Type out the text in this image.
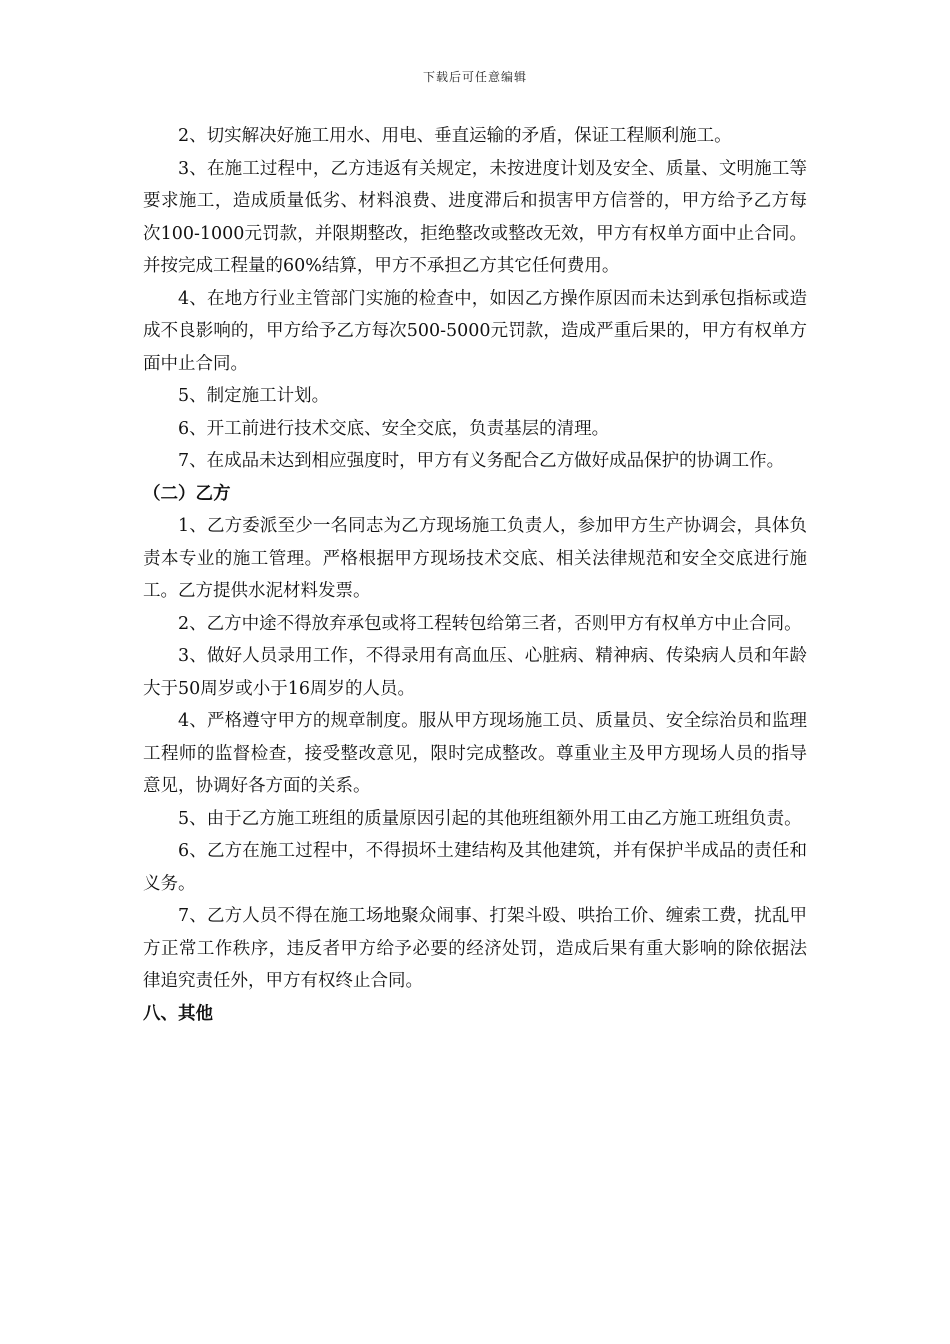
下载后可任意编辑

2、切实解决好施工用水、用电、垂直运输的矛盾，保证工程顺利施工。

3、在施工过程中，乙方违返有关规定，未按进度计划及安全、质量、文明施工等要求施工，造成质量低劣、材料浪费、进度滞后和损害甲方信誉的，甲方给予乙方每次100-1000元罚款，并限期整改，拒绝整改或整改无效，甲方有权单方面中止合同。并按完成工程量的60%结算，甲方不承担乙方其它任何费用。

4、在地方行业主管部门实施的检查中，如因乙方操作原因而未达到承包指标或造成不良影响的，甲方给予乙方每次500-5000元罚款，造成严重后果的，甲方有权单方面中止合同。

5、制定施工计划。

6、开工前进行技术交底、安全交底，负责基层的清理。

7、在成品未达到相应强度时，甲方有义务配合乙方做好成品保护的协调工作。

（二）乙方

1、乙方委派至少一名同志为乙方现场施工负责人，参加甲方生产协调会，具体负责本专业的施工管理。严格根据甲方现场技术交底、相关法律规范和安全交底进行施工。乙方提供水泥材料发票。

2、乙方中途不得放弃承包或将工程转包给第三者，否则甲方有权单方中止合同。

3、做好人员录用工作，不得录用有高血压、心脏病、精神病、传染病人员和年龄大于50周岁或小于16周岁的人员。

4、严格遵守甲方的规章制度。服从甲方现场施工员、质量员、安全综治员和监理工程师的监督检查，接受整改意见，限时完成整改。尊重业主及甲方现场人员的指导意见，协调好各方面的关系。

5、由于乙方施工班组的质量原因引起的其他班组额外用工由乙方施工班组负责。

6、乙方在施工过程中，不得损坏土建结构及其他建筑，并有保护半成品的责任和义务。

7、乙方人员不得在施工场地聚众闹事、打架斗殴、哄抬工价、缠索工费，扰乱甲方正常工作秩序，违反者甲方给予必要的经济处罚，造成后果有重大影响的除依据法律追究责任外，甲方有权终止合同。

八、其他
